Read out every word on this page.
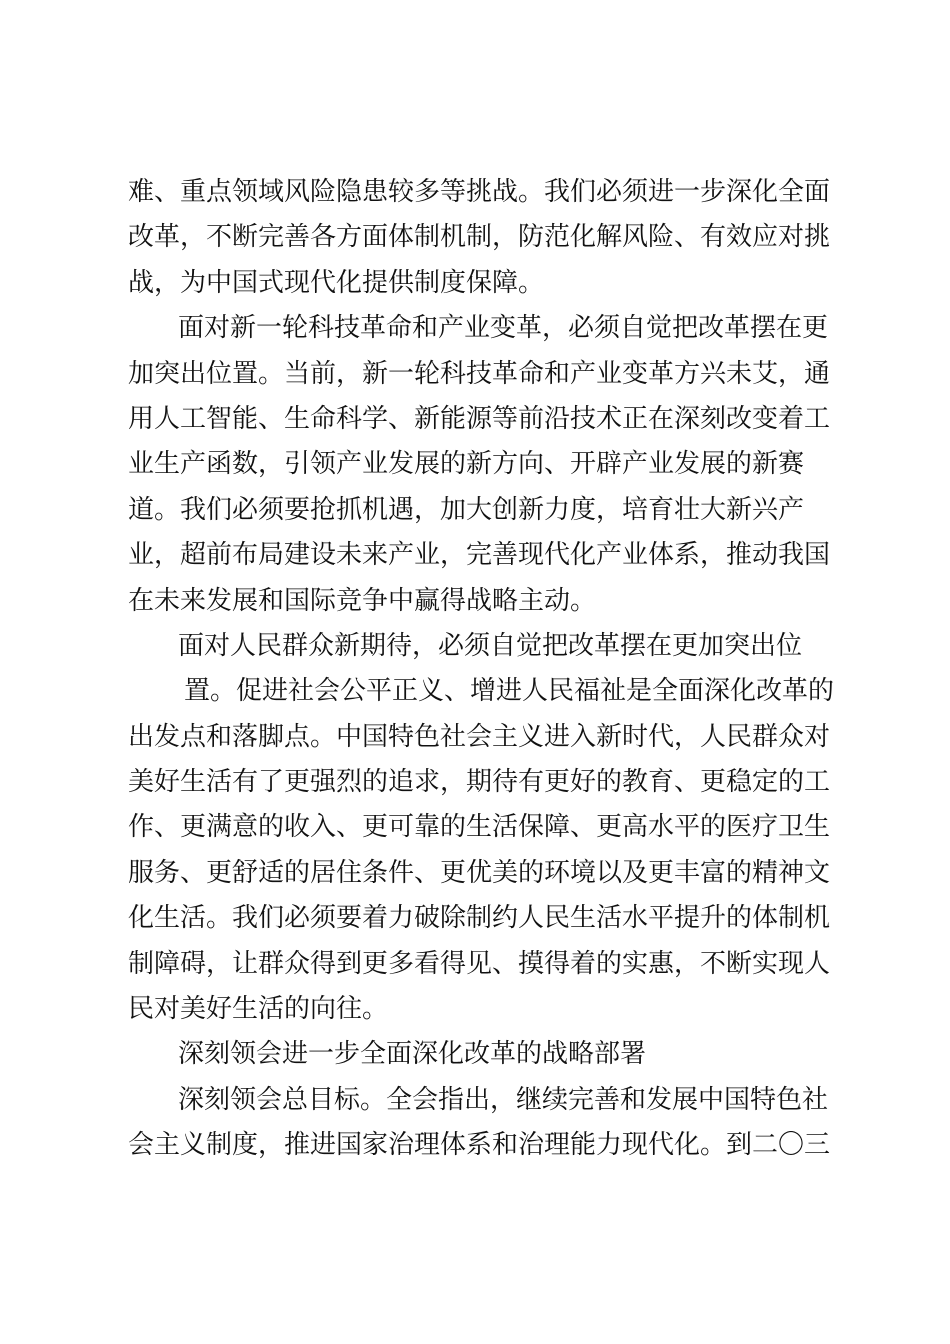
难、重点领域风险隐患较多等挑战。我们必须进一步深化全面
改革，不断完善各方面体制机制，防范化解风险、有效应对挑
战，为中国式现代化提供制度保障。
面对新一轮科技革命和产业变革，必须自觉把改革摆在更
加突出位置。当前，新一轮科技革命和产业变革方兴未艾，通
用人工智能、生命科学、新能源等前沿技术正在深刻改变着工
业生产函数，引领产业发展的新方向、开辟产业发展的新赛
道。我们必须要抢抓机遇，加大创新力度，培育壮大新兴产
业，超前布局建设未来产业，完善现代化产业体系，推动我国
在未来发展和国际竞争中赢得战略主动。
面对人民群众新期待，必须自觉把改革摆在更加突出位
置。促进社会公平正义、增进人民福祉是全面深化改革的
出发点和落脚点。中国特色社会主义进入新时代，人民群众对
美好生活有了更强烈的追求，期待有更好的教育、更稳定的工
作、更满意的收入、更可靠的生活保障、更高水平的医疗卫生
服务、更舒适的居住条件、更优美的环境以及更丰富的精神文
化生活。我们必须要着力破除制约人民生活水平提升的体制机
制障碍，让群众得到更多看得见、摸得着的实惠，不断实现人
民对美好生活的向往。
深刻领会进一步全面深化改革的战略部署
深刻领会总目标。全会指出，继续完善和发展中国特色社
会主义制度，推进国家治理体系和治理能力现代化。到二〇三
